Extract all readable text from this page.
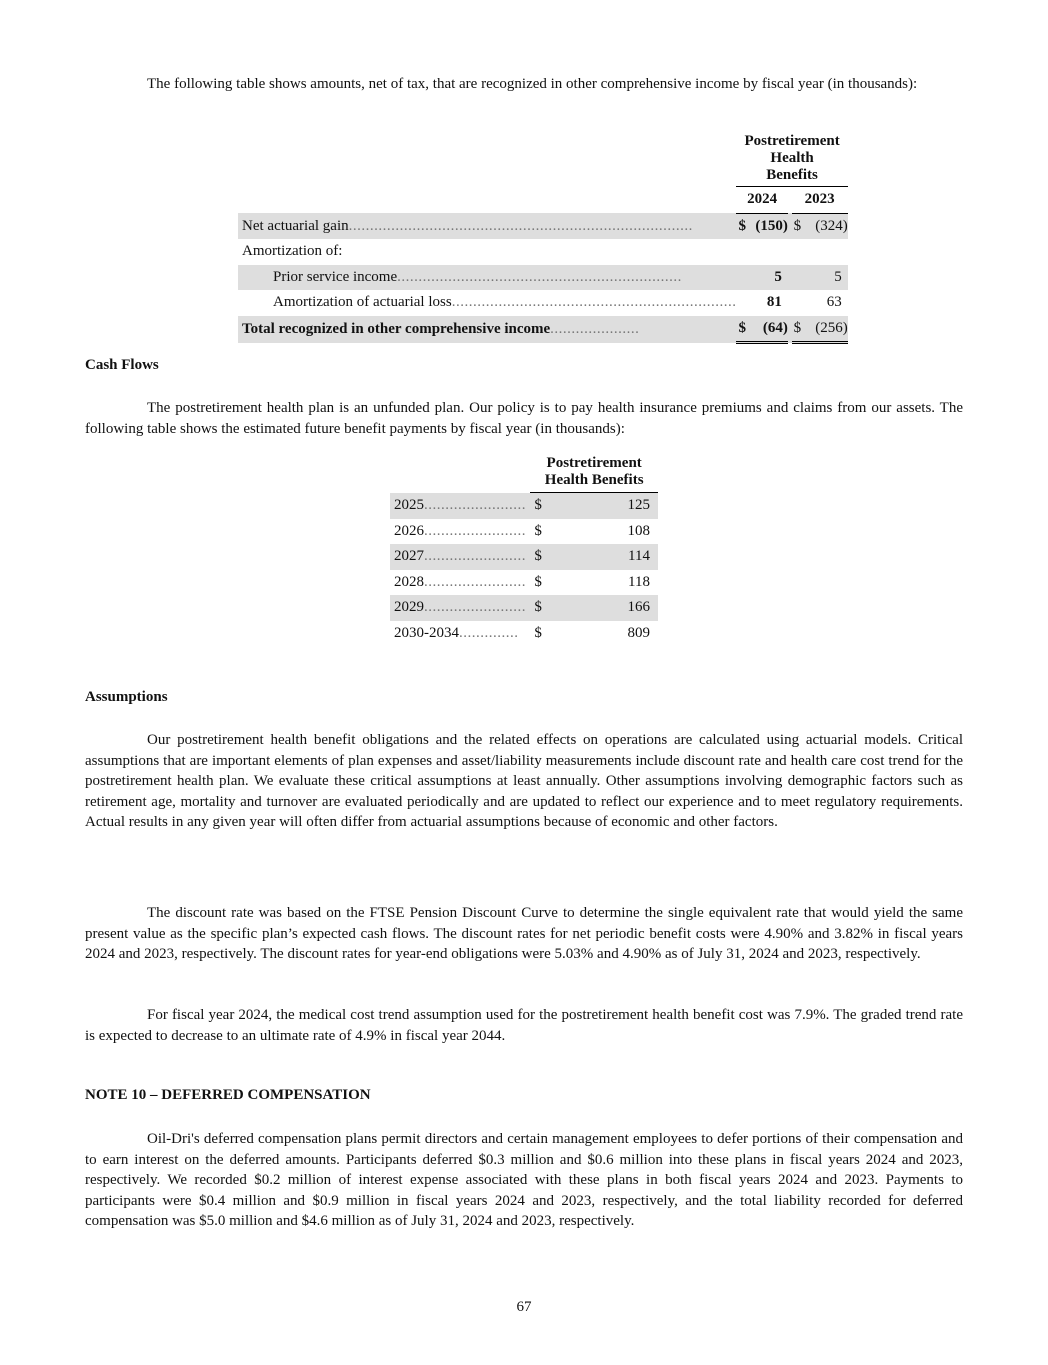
The following table shows amounts, net of tax, that are recognized in other comprehensive income by fiscal year (in thousands):

		Postretirement Health Benefits				
		2024			2023	
Net actuarial gain.................................................................................		$	(150)		$	(324)
Amortization of:						
Prior service income...................................................................			5			5
Amortization of actuarial loss...................................................................			81			63
Total recognized in other comprehensive income.....................		$	(64)		$	(256)
Cash Flows

The postretirement health plan is an unfunded plan. Our policy is to pay health insurance premiums and claims from our assets. The following table shows the estimated future benefit payments by fiscal year (in thousands):

		Postretirement Health Benefits	
2025........................		$	125
2026........................		$	108
2027........................		$	114
2028........................		$	118
2029........................		$	166
2030-2034..............		$	809
Assumptions

Our postretirement health benefit obligations and the related effects on operations are calculated using actuarial models. Critical assumptions that are important elements of plan expenses and asset/liability measurements include discount rate and health care cost trend for the postretirement health plan. We evaluate these critical assumptions at least annually. Other assumptions involving demographic factors such as retirement age, mortality and turnover are evaluated periodically and are updated to reflect our experience and to meet regulatory requirements. Actual results in any given year will often differ from actuarial assumptions because of economic and other factors.

The discount rate was based on the FTSE Pension Discount Curve to determine the single equivalent rate that would yield the same present value as the specific plan’s expected cash flows. The discount rates for net periodic benefit costs were 4.90% and 3.82% in fiscal years 2024 and 2023, respectively. The discount rates for year-end obligations were 5.03% and 4.90% as of July 31, 2024 and 2023, respectively.

For fiscal year 2024, the medical cost trend assumption used for the postretirement health benefit cost was 7.9%. The graded trend rate is expected to decrease to an ultimate rate of 4.9% in fiscal year 2044.

NOTE 10 – DEFERRED COMPENSATION

Oil-Dri's deferred compensation plans permit directors and certain management employees to defer portions of their compensation and to earn interest on the deferred amounts. Participants deferred $0.3 million and $0.6 million into these plans in fiscal years 2024 and 2023, respectively. We recorded $0.2 million of interest expense associated with these plans in both fiscal years 2024 and 2023. Payments to participants were $0.4 million and $0.9 million in fiscal years 2024 and 2023, respectively, and the total liability recorded for deferred compensation was $5.0 million and $4.6 million as of July 31, 2024 and 2023, respectively.

67
